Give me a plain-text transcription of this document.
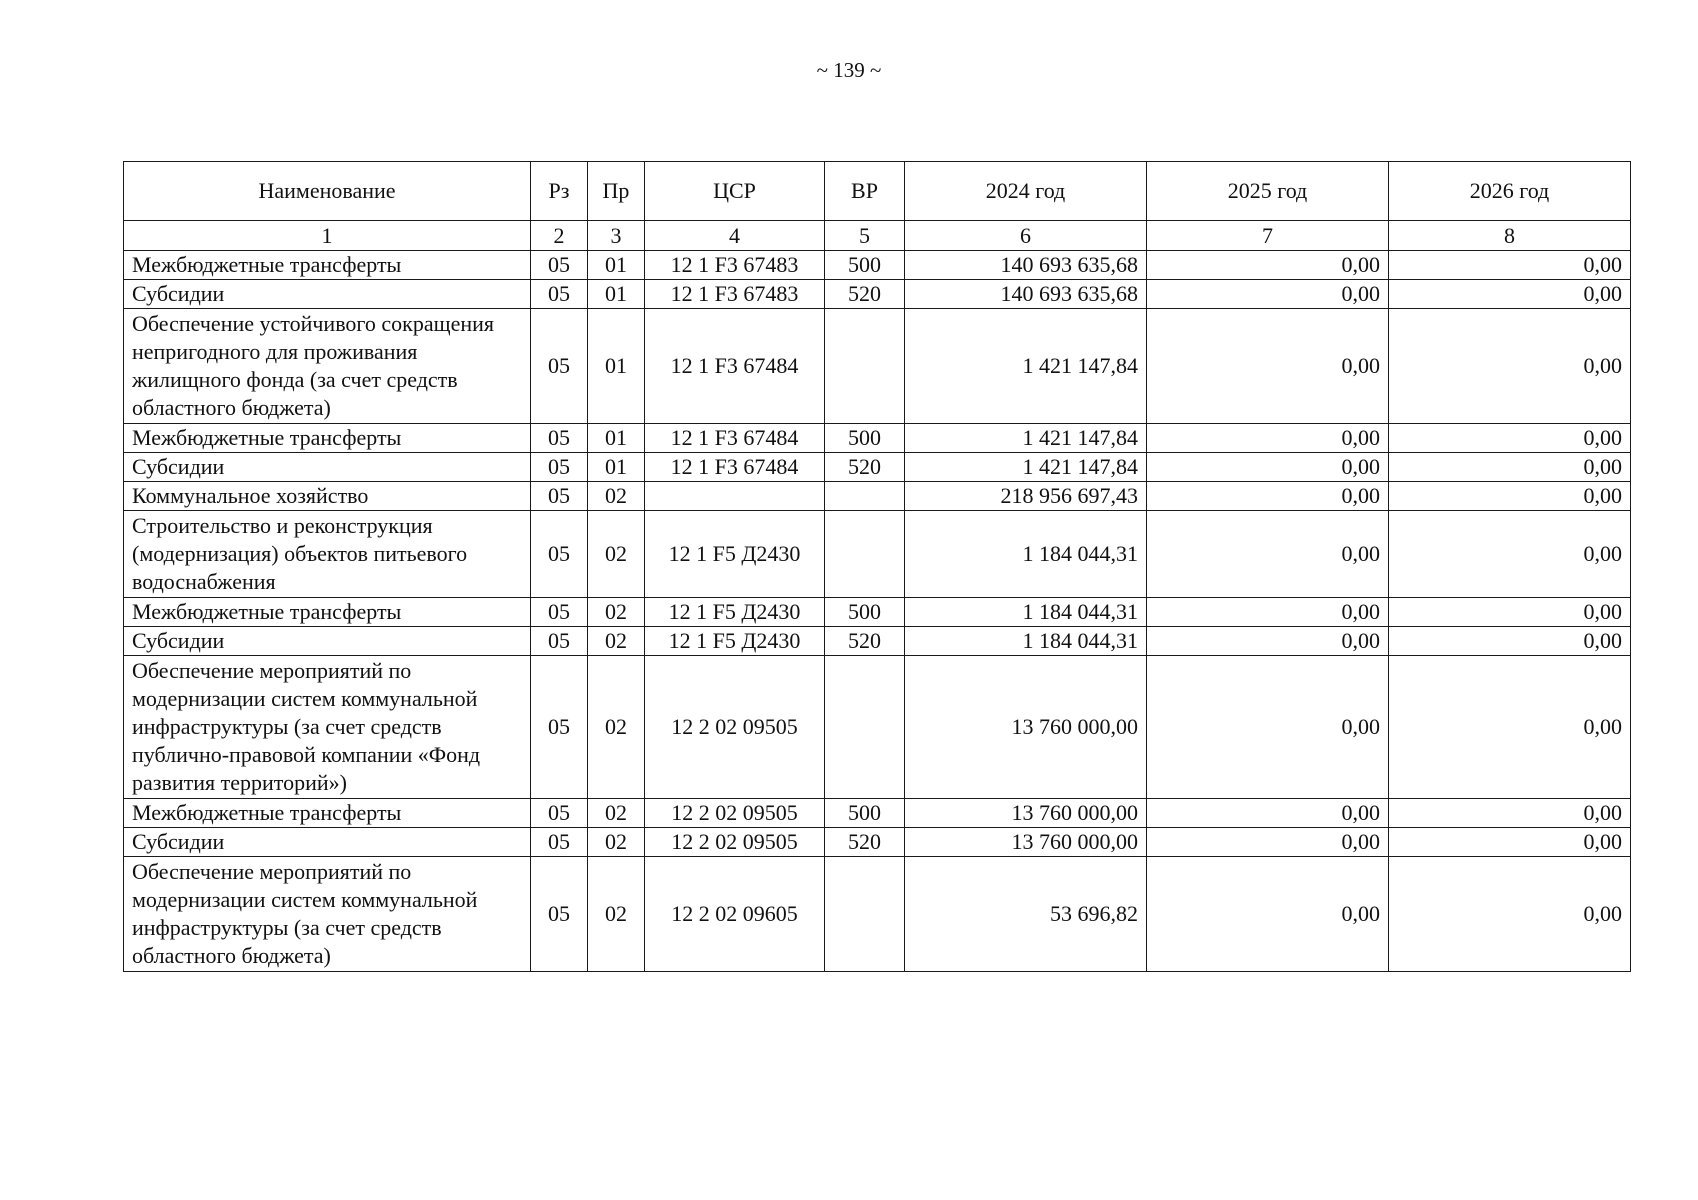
~ 139 ~
Наименование	Рз	Пр	ЦСР	ВР	2024 год	2025 год	2026 год
1	2	3	4	5	6	7	8
Межбюджетные трансферты	05	01	12 1 F3 67483	500	140 693 635,68	0,00	0,00
Субсидии	05	01	12 1 F3 67483	520	140 693 635,68	0,00	0,00
Обеспечение устойчивого сокращения непригодного для проживания жилищного фонда (за счет средств областного бюджета)	05	01	12 1 F3 67484		1 421 147,84	0,00	0,00
Межбюджетные трансферты	05	01	12 1 F3 67484	500	1 421 147,84	0,00	0,00
Субсидии	05	01	12 1 F3 67484	520	1 421 147,84	0,00	0,00
Коммунальное хозяйство	05	02			218 956 697,43	0,00	0,00
Строительство и реконструкция (модернизация) объектов питьевого водоснабжения	05	02	12 1 F5 Д2430		1 184 044,31	0,00	0,00
Межбюджетные трансферты	05	02	12 1 F5 Д2430	500	1 184 044,31	0,00	0,00
Субсидии	05	02	12 1 F5 Д2430	520	1 184 044,31	0,00	0,00
Обеспечение мероприятий по модернизации систем коммунальной инфраструктуры (за счет средств публично-правовой компании «Фонд развития территорий»)	05	02	12 2 02 09505		13 760 000,00	0,00	0,00
Межбюджетные трансферты	05	02	12 2 02 09505	500	13 760 000,00	0,00	0,00
Субсидии	05	02	12 2 02 09505	520	13 760 000,00	0,00	0,00
Обеспечение мероприятий по модернизации систем коммунальной инфраструктуры (за счет средств областного бюджета)	05	02	12 2 02 09605		53 696,82	0,00	0,00
